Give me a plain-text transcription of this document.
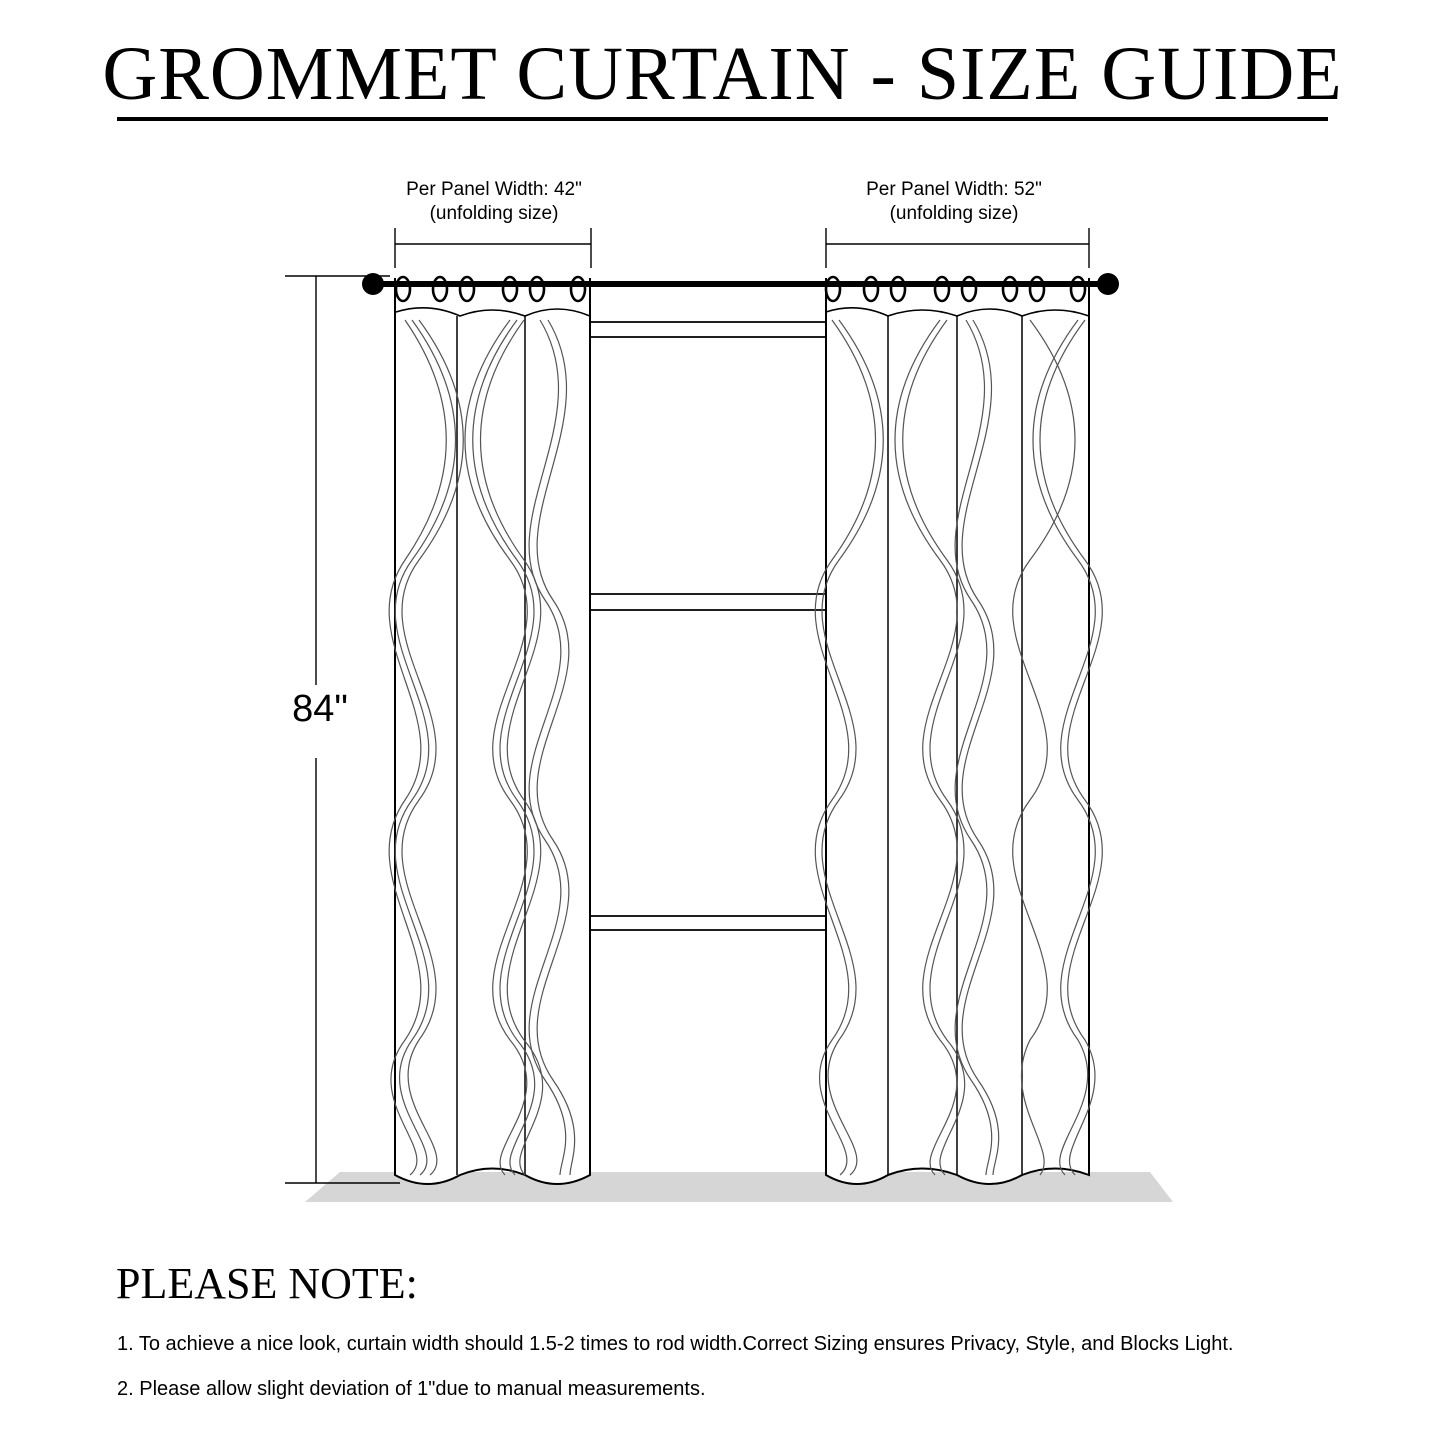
GROMMET CURTAIN - SIZE GUIDE
Per Panel Width: 42"
(unfolding size)
Per Panel Width: 52"
(unfolding size)
84"
PLEASE NOTE:
1. To achieve a nice look, curtain width should 1.5-2 times to rod width.Correct Sizing ensures Privacy, Style, and Blocks Light.
2. Please allow slight deviation of 1"due to manual measurements.
